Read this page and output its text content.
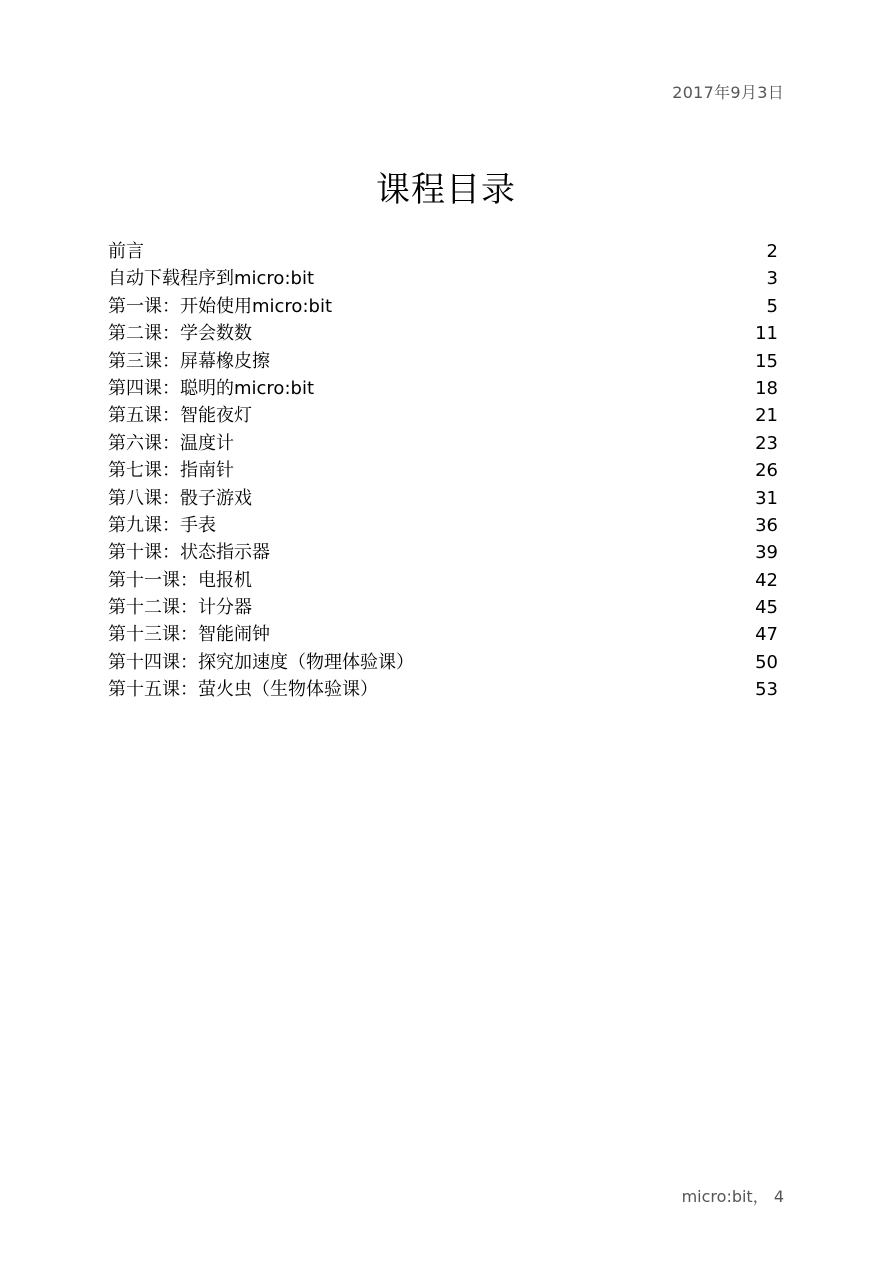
2017年9月3日
课程目录
前言	2
自动下载程序到micro:bit	3
第一课：开始使用micro:bit	5
第二课：学会数数	11
第三课：屏幕橡皮擦	15
第四课：聪明的micro:bit	18
第五课：智能夜灯	21
第六课：温度计	23
第七课：指南针	26
第八课：骰子游戏	31
第九课：手表	36
第十课：状态指示器	39
第十一课：电报机	42
第十二课：计分器	45
第十三课：智能闹钟	47
第十四课：探究加速度（物理体验课）	50
第十五课：萤火虫（生物体验课）	53
micro:bit， 4
